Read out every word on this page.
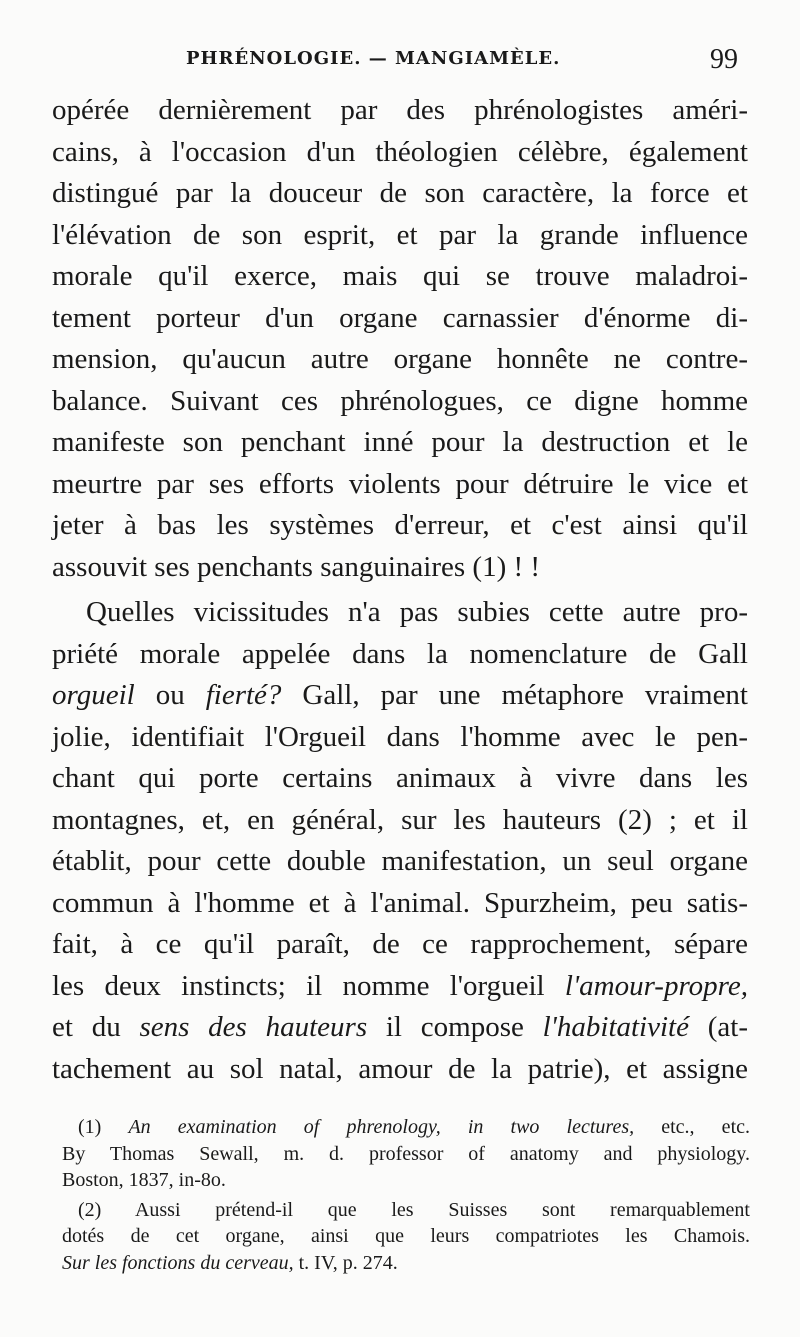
PHRÉNOLOGIE. — MANGIAMÈLE.	99
opérée dernièrement par des phrénologistes améri-
cains, à l'occasion d'un théologien célèbre, également
distingué par la douceur de son caractère, la force et
l'élévation de son esprit, et par la grande influence
morale qu'il exerce, mais qui se trouve maladroi-
tement porteur d'un organe carnassier d'énorme di-
mension, qu'aucun autre organe honnête ne contre-
balance. Suivant ces phrénologues, ce digne homme
manifeste son penchant inné pour la destruction et le
meurtre par ses efforts violents pour détruire le vice et
jeter à bas les systèmes d'erreur, et c'est ainsi qu'il
assouvit ses penchants sanguinaires (1) ! !
Quelles vicissitudes n'a pas subies cette autre pro-
priété morale appelée dans la nomenclature de Gall
orgueil ou fierté? Gall, par une métaphore vraiment
jolie, identifiait l'Orgueil dans l'homme avec le pen-
chant qui porte certains animaux à vivre dans les
montagnes, et, en général, sur les hauteurs (2) ; et il
établit, pour cette double manifestation, un seul organe
commun à l'homme et à l'animal. Spurzheim, peu satis-
fait, à ce qu'il paraît, de ce rapprochement, sépare
les deux instincts; il nomme l'orgueil l'amour-propre,
et du sens des hauteurs il compose l'habitativité (at-
tachement au sol natal, amour de la patrie), et assigne
(1) An examination of phrenology, in two lectures, etc., etc.
By Thomas Sewall, m. d. professor of anatomy and physiology.
Boston, 1837, in-8o.
(2) Aussi prétend-il que les Suisses sont remarquablement
dotés de cet organe, ainsi que leurs compatriotes les Chamois.
Sur les fonctions du cerveau, t. IV, p. 274.
